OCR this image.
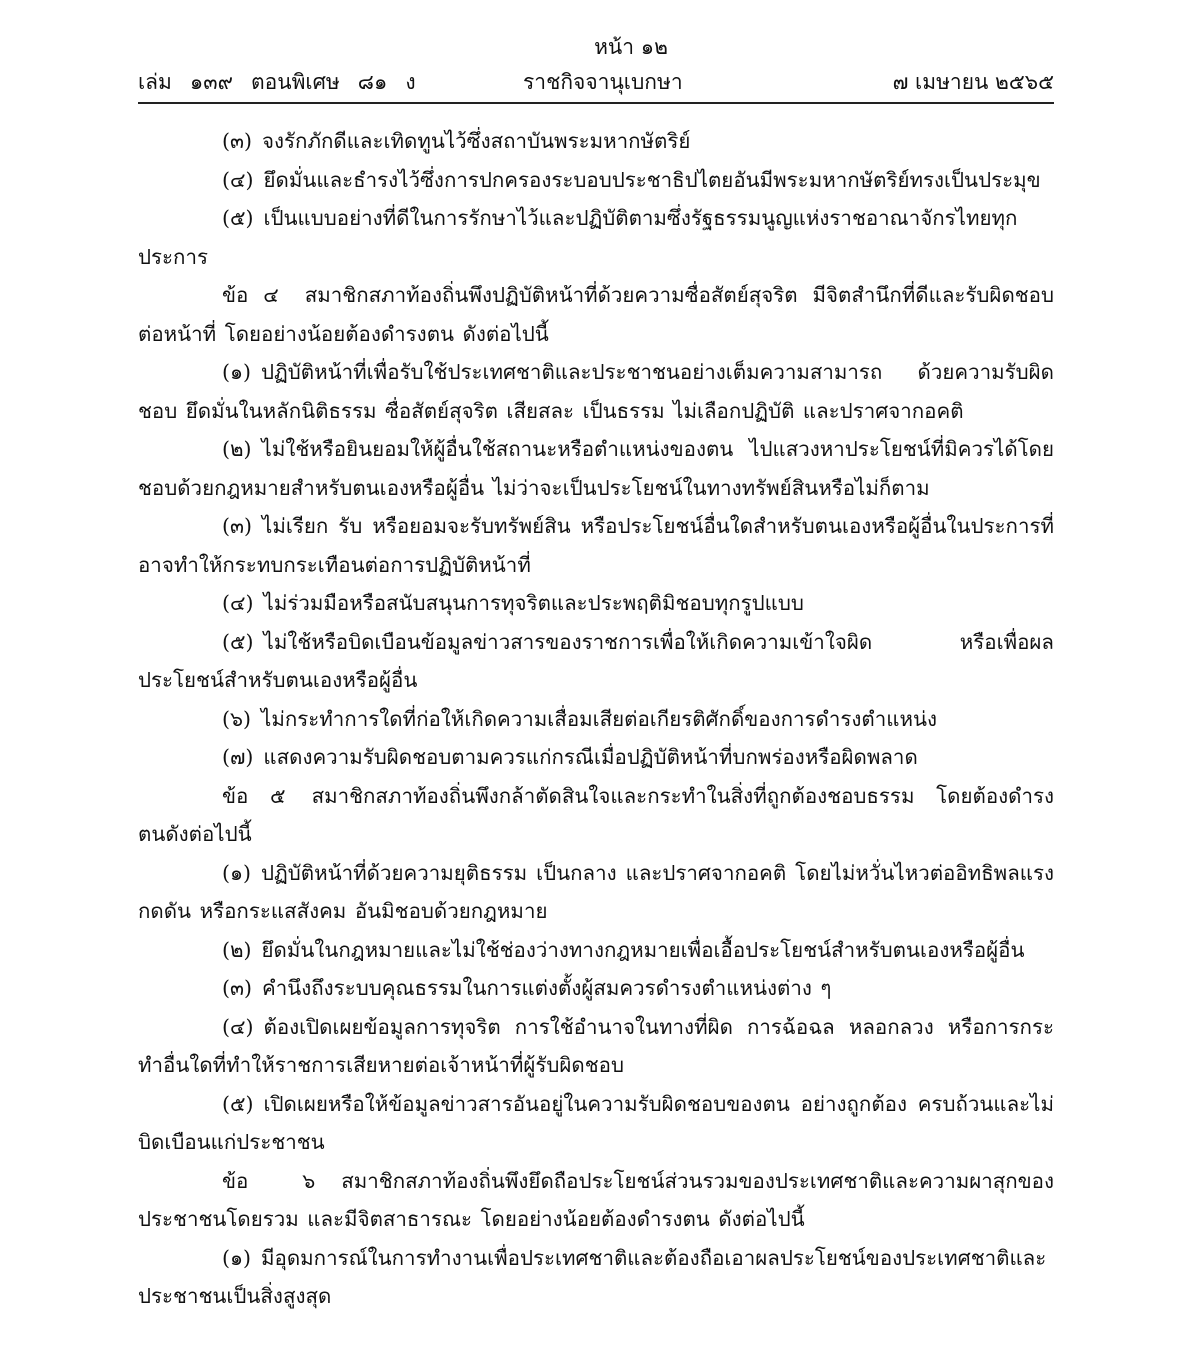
หน้า ๑๒
เล่ม ๑๓๙ ตอนพิเศษ ๘๑ ง	ราชกิจจานุเบกษา	๗ เมษายน ๒๕๖๕
(๓) จงรักภักดีและเทิดทูนไว้ซึ่งสถาบันพระมหากษัตริย์
(๔) ยึดมั่นและธำรงไว้ซึ่งการปกครองระบอบประชาธิปไตยอันมีพระมหากษัตริย์ทรงเป็นประมุข
(๕) เป็นแบบอย่างที่ดีในการรักษาไว้และปฏิบัติตามซึ่งรัฐธรรมนูญแห่งราชอาณาจักรไทยทุกประการ
ข้อ ๔ สมาชิกสภาท้องถิ่นพึงปฏิบัติหน้าที่ด้วยความซื่อสัตย์สุจริต มีจิตสำนึกที่ดีและรับผิดชอบต่อหน้าที่ โดยอย่างน้อยต้องดำรงตน ดังต่อไปนี้
(๑) ปฏิบัติหน้าที่เพื่อรับใช้ประเทศชาติและประชาชนอย่างเต็มความสามารถ ด้วยความรับผิดชอบ ยึดมั่นในหลักนิติธรรม ซื่อสัตย์สุจริต เสียสละ เป็นธรรม ไม่เลือกปฏิบัติ และปราศจากอคติ
(๒) ไม่ใช้หรือยินยอมให้ผู้อื่นใช้สถานะหรือตำแหน่งของตน ไปแสวงหาประโยชน์ที่มิควรได้โดยชอบด้วยกฎหมายสำหรับตนเองหรือผู้อื่น ไม่ว่าจะเป็นประโยชน์ในทางทรัพย์สินหรือไม่ก็ตาม
(๓) ไม่เรียก รับ หรือยอมจะรับทรัพย์สิน หรือประโยชน์อื่นใดสำหรับตนเองหรือผู้อื่นในประการที่อาจทำให้กระทบกระเทือนต่อการปฏิบัติหน้าที่
(๔) ไม่ร่วมมือหรือสนับสนุนการทุจริตและประพฤติมิชอบทุกรูปแบบ
(๕) ไม่ใช้หรือบิดเบือนข้อมูลข่าวสารของราชการเพื่อให้เกิดความเข้าใจผิด หรือเพื่อผลประโยชน์สำหรับตนเองหรือผู้อื่น
(๖) ไม่กระทำการใดที่ก่อให้เกิดความเสื่อมเสียต่อเกียรติศักดิ์ของการดำรงตำแหน่ง
(๗) แสดงความรับผิดชอบตามควรแก่กรณีเมื่อปฏิบัติหน้าที่บกพร่องหรือผิดพลาด
ข้อ ๕ สมาชิกสภาท้องถิ่นพึงกล้าตัดสินใจและกระทำในสิ่งที่ถูกต้องชอบธรรม โดยต้องดำรงตนดังต่อไปนี้
(๑) ปฏิบัติหน้าที่ด้วยความยุติธรรม เป็นกลาง และปราศจากอคติ โดยไม่หวั่นไหวต่ออิทธิพลแรงกดดัน หรือกระแสสังคม อันมิชอบด้วยกฎหมาย
(๒) ยึดมั่นในกฎหมายและไม่ใช้ช่องว่างทางกฎหมายเพื่อเอื้อประโยชน์สำหรับตนเองหรือผู้อื่น
(๓) คำนึงถึงระบบคุณธรรมในการแต่งตั้งผู้สมควรดำรงตำแหน่งต่าง ๆ
(๔) ต้องเปิดเผยข้อมูลการทุจริต การใช้อำนาจในทางที่ผิด การฉ้อฉล หลอกลวง หรือการกระทำอื่นใดที่ทำให้ราชการเสียหายต่อเจ้าหน้าที่ผู้รับผิดชอบ
(๕) เปิดเผยหรือให้ข้อมูลข่าวสารอันอยู่ในความรับผิดชอบของตน อย่างถูกต้อง ครบถ้วนและไม่บิดเบือนแก่ประชาชน
ข้อ ๖ สมาชิกสภาท้องถิ่นพึงยึดถือประโยชน์ส่วนรวมของประเทศชาติและความผาสุกของประชาชนโดยรวม และมีจิตสาธารณะ โดยอย่างน้อยต้องดำรงตน ดังต่อไปนี้
(๑) มีอุดมการณ์ในการทำงานเพื่อประเทศชาติและต้องถือเอาผลประโยชน์ของประเทศชาติและประชาชนเป็นสิ่งสูงสุด
